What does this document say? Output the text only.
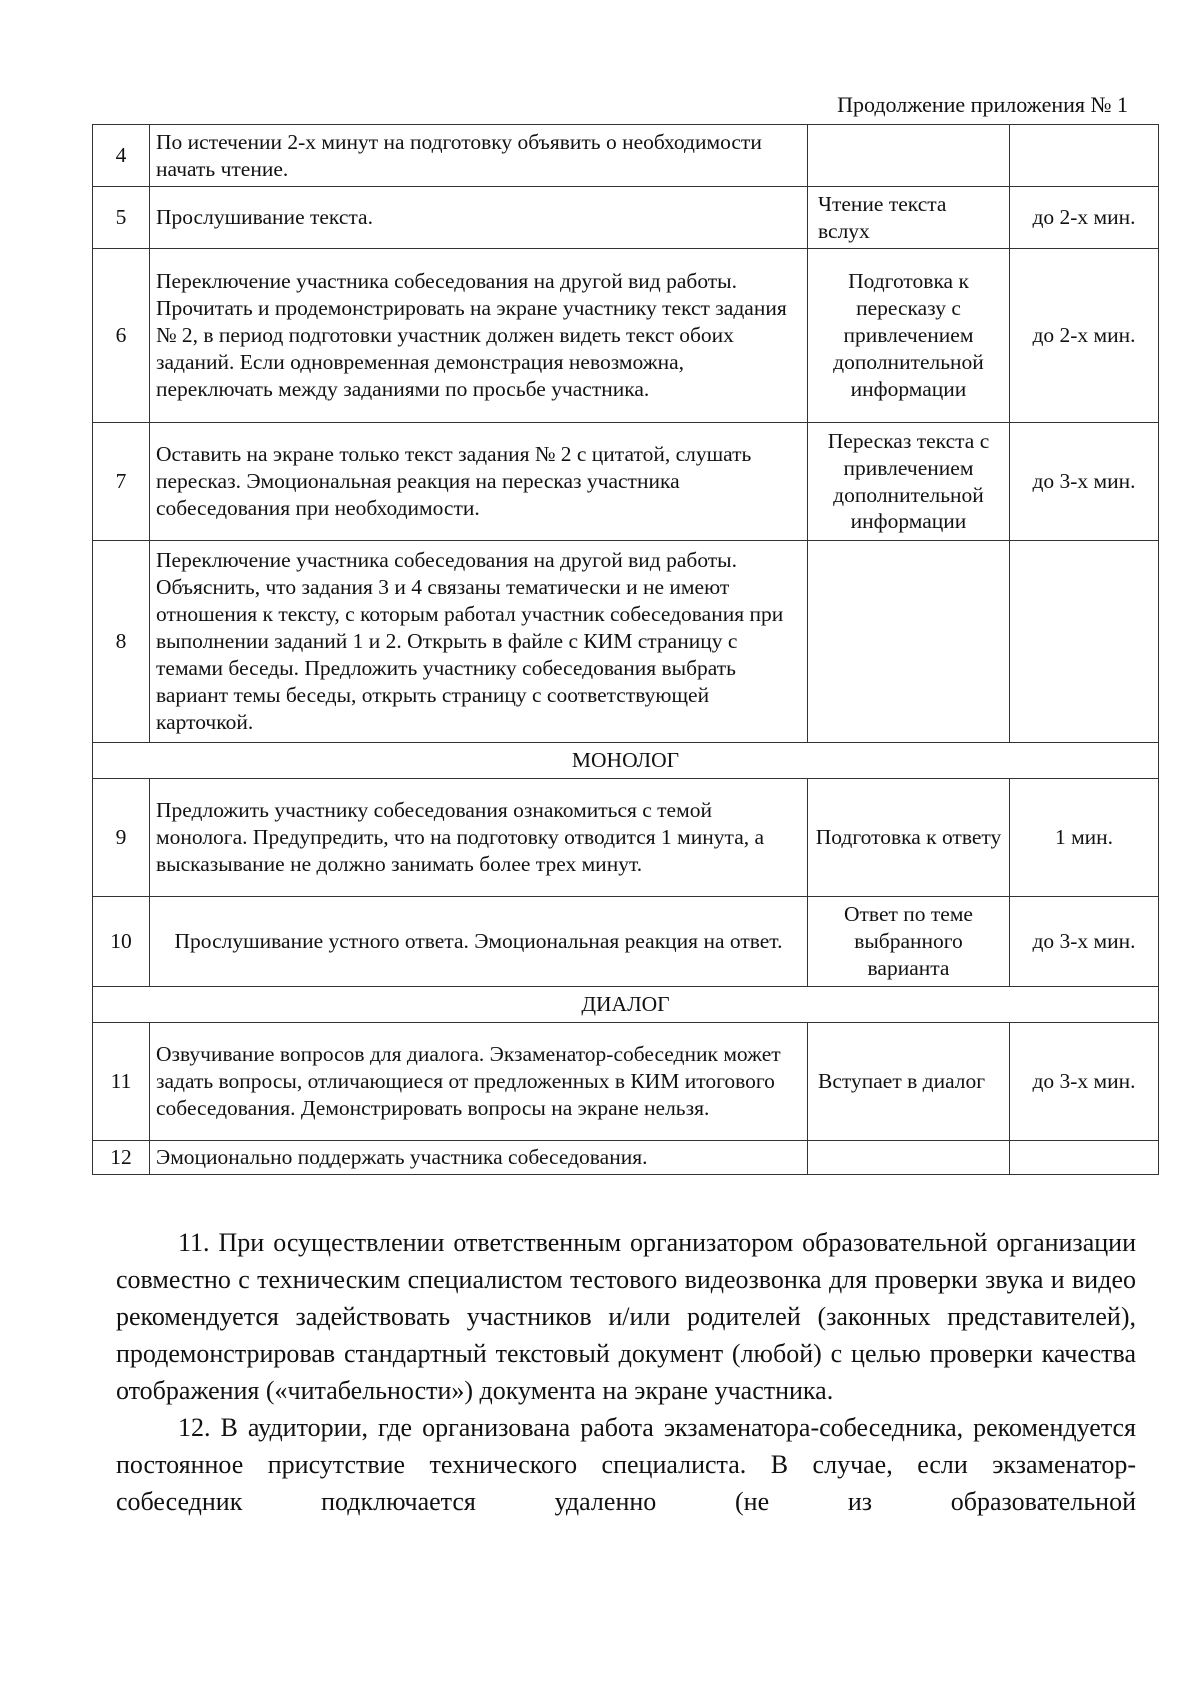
Продолжение приложения № 1
4	По истечении 2-х минут на подготовку объявить о необходимости начать чтение.		
5	Прослушивание текста.	Чтение текста вслух	до 2-х мин.
6	Переключение участника собеседования на другой вид работы. Прочитать и продемонстрировать на экране участнику текст задания № 2, в период подготовки участник должен видеть текст обоих заданий. Если одновременная демонстрация невозможна, переключать между заданиями по просьбе участника.	Подготовка к пересказу с привлечением дополнительной информации	до 2-х мин.
7	Оставить на экране только текст задания № 2 с цитатой, слушать пересказ. Эмоциональная реакция на пересказ участника собеседования при необходимости.	Пересказ текста с привлечением дополнительной информации	до 3-х мин.
8	Переключение участника собеседования на другой вид работы. Объяснить, что задания 3 и 4 связаны тематически и не имеют отношения к тексту, с которым работал участник собеседования при выполнении заданий 1 и 2. Открыть в файле с КИМ страницу с темами беседы. Предложить участнику собеседования выбрать вариант темы беседы, открыть страницу с соответствующей карточкой.		
МОНОЛОГ			
9	Предложить участнику собеседования ознакомиться с темой монолога. Предупредить, что на подготовку отводится 1 минута, а высказывание не должно занимать более трех минут.	Подготовка к ответу	1 мин.
10	Прослушивание устного ответа. Эмоциональная реакция на ответ.	Ответ по теме выбранного варианта	до 3-х мин.
ДИАЛОГ			
11	Озвучивание вопросов для диалога. Экзаменатор-собеседник может задать вопросы, отличающиеся от предложенных в КИМ итогового собеседования. Демонстрировать вопросы на экране нельзя.	Вступает в диалог	до 3-х мин.
12	Эмоционально поддержать участника собеседования.		

11. При осуществлении ответственным организатором образовательной организации совместно с техническим специалистом тестового видеозвонка для проверки звука и видео рекомендуется задействовать участников и/или родителей (законных представителей), продемонстрировав стандартный текстовый документ (любой) с целью проверки качества отображения («читабельности») документа на экране участника.

12. В аудитории, где организована работа экзаменатора-собеседника, рекомендуется постоянное присутствие технического специалиста. В случае, если экзаменатор-собеседник подключается удаленно (не из образовательной
